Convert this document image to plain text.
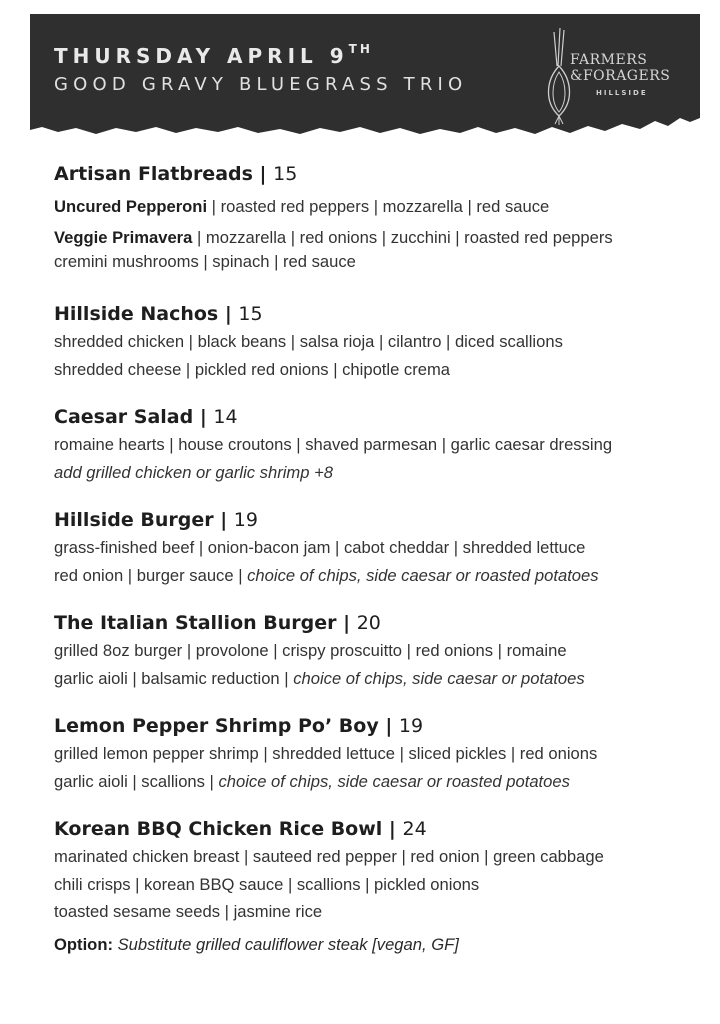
THURSDAY APRIL 9TH
GOOD GRAVY BLUEGRASS TRIO
FARMERS
&FORAGERS
HILLSIDE
Artisan Flatbreads | 15
Uncured Pepperoni | roasted red peppers | mozzarella | red sauce
Veggie Primavera | mozzarella | red onions | zucchini | roasted red peppers
cremini mushrooms | spinach | red sauce
Hillside Nachos | 15
shredded chicken | black beans | salsa rioja | cilantro | diced scallions
shredded cheese | pickled red onions | chipotle crema
Caesar Salad | 14
romaine hearts | house croutons | shaved parmesan | garlic caesar dressing
add grilled chicken or garlic shrimp +8
Hillside Burger | 19
grass-finished beef | onion-bacon jam | cabot cheddar | shredded lettuce
red onion | burger sauce | choice of chips, side caesar or roasted potatoes
The Italian Stallion Burger | 20
grilled 8oz burger | provolone | crispy proscuitto | red onions | romaine
garlic aioli | balsamic reduction | choice of chips, side caesar or potatoes
Lemon Pepper Shrimp Po’ Boy | 19
grilled lemon pepper shrimp | shredded lettuce | sliced pickles | red onions
garlic aioli | scallions | choice of chips, side caesar or roasted potatoes
Korean BBQ Chicken Rice Bowl | 24
marinated chicken breast | sauteed red pepper | red onion | green cabbage
chili crisps | korean BBQ sauce | scallions | pickled onions
toasted sesame seeds | jasmine rice
Option: Substitute grilled cauliflower steak [vegan, GF]
